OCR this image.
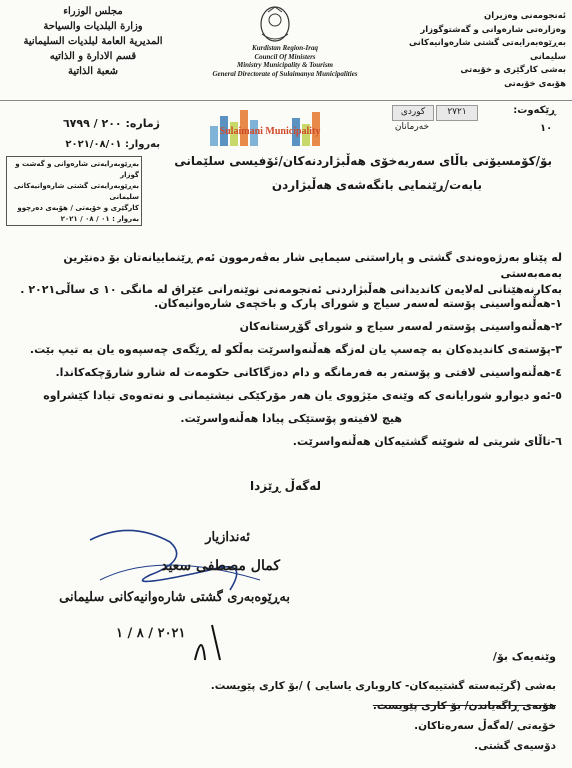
مجلس الوزراء
وزارة البلديات والسياحة
المديرية العامة لبلديات السليمانية
قسم الادارة و الذاتيه
شعبة الذاتية
Kurdistan Region-Iraq
Council Of Ministers
Ministry Municipality & Tourism
General Directorate of Sulaimanya Municipalities
ئەنجومەنی وەزیران
وەزارەتی شارەوانی و گەشتوگوزار
بەڕێوەبەرایەتی گشتی شارەوانیەکانی سلیمانی
بەشی کارگێری و خۆیەتی
هۆبەی خۆیەتی
ژمارە: ٢٠٠ / ٦٧٩٩
بەروار: ٢٠٢١/٠٨/٠١
Sulaimani Municipality
کوردی	٢٧٢١	ڕێکەوت:
خەرمانان	١٠
بەڕێوبەرایەتی شارەوانی و گەشت و گوزار
بەڕێوبەرایەتی گشتی شارەوانیەکانی سلیمانی
کارگێری و خۆیەتی / هۆبەی دەرچوو
بەروار : ٠١ / ٠٨ / ٢٠٢١
بۆ/کۆمسیۆنی باڵای سەربەخۆی هەڵبژاردنەکان/ئۆفیسی سلێمانی
بابەت/ڕێنمایی بانگەشەی هەڵبژاردن
لە پێناو بەرژەوەندی گشتی و پاراستنی سیمایی شار بەڤەرموون ئەم ڕێنماییانەتان بۆ دەنێرین بەمەبەستی
بەکارنەهێنانی لەلایەن کاندیدانی هەڵبژاردنی ئەنجومەنی نوێنەرانی عێراق لە مانگی ١٠ ی ساڵی٢٠٢١ .
١-هەڵنەواسینی پۆستە لەسەر سیاج و شورای پارک و باخچەی شارەوانیەکان.
٢-هەڵنەواسینی پۆستەر لەسەر سیاج و شورای گۆڕستانەکان
٣-پۆستەی کاندیدەکان بە چەسپ یان لەزگە هەڵنەواسرێت بەڵکو لە ڕێگەی چەسپەوە یان بە تیپ بێت.
٤-هەڵنەواسینی لافتی و پۆستەر بە فەرمانگە و دام دەزگاکانی حکومەت لە شارو شارۆچکەکاندا.
٥-ئەو دیوارو شورایانەی کە وێنەی مێژووی یان هەر مۆرکێکی نیشتیمانی و نەتەوەی تیادا کێشراوە
هیچ لافیتەو پۆستێکی پیادا هەڵنەواسرێت.
٦-تاڵای شریتی لە شوێنە گشتیەکان هەڵنەواسرێت.
لەگەڵ ڕێزدا
ئەندازیار
کمال مصطفی سعید
بەڕێوەبەری گشتی شارەوانیەکانی سلیمانی
٢٠٢١ / ٨ / ١
وێنەیەک بۆ/
بەشی (گرێبەستە گشتییەکان- کاروباری یاسایی ) /بۆ کاری پێویست.
هۆبەی ڕاگەیاندن/ بۆ کاری پێویست.
خۆیەتی /لەگەڵ سەرەتاکان.
دۆسیەی گشتی.
